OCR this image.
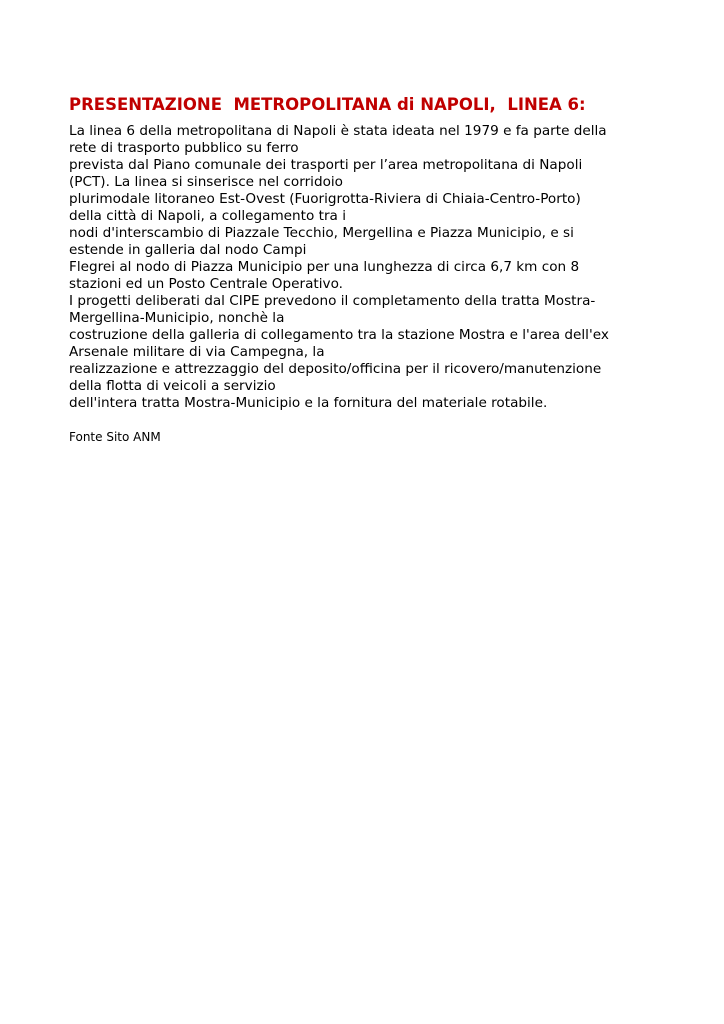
PRESENTAZIONE  METROPOLITANA di NAPOLI,  LINEA 6:
La linea 6 della metropolitana di Napoli è stata ideata nel 1979 e fa parte della
rete di trasporto pubblico su ferro
prevista dal Piano comunale dei trasporti per l’area metropolitana di Napoli
(PCT). La linea si sinserisce nel corridoio
plurimodale litoraneo Est-Ovest (Fuorigrotta-Riviera di Chiaia-Centro-Porto)
della città di Napoli, a collegamento tra i
nodi d'interscambio di Piazzale Tecchio, Mergellina e Piazza Municipio, e si
estende in galleria dal nodo Campi
Flegrei al nodo di Piazza Municipio per una lunghezza di circa 6,7 km con 8
stazioni ed un Posto Centrale Operativo.
I progetti deliberati dal CIPE prevedono il completamento della tratta Mostra-
Mergellina-Municipio, nonchè la
costruzione della galleria di collegamento tra la stazione Mostra e l'area dell'ex
Arsenale militare di via Campegna, la
realizzazione e attrezzaggio del deposito/officina per il ricovero/manutenzione
della flotta di veicoli a servizio
dell'intera tratta Mostra-Municipio e la fornitura del materiale rotabile.
Fonte Sito ANM
